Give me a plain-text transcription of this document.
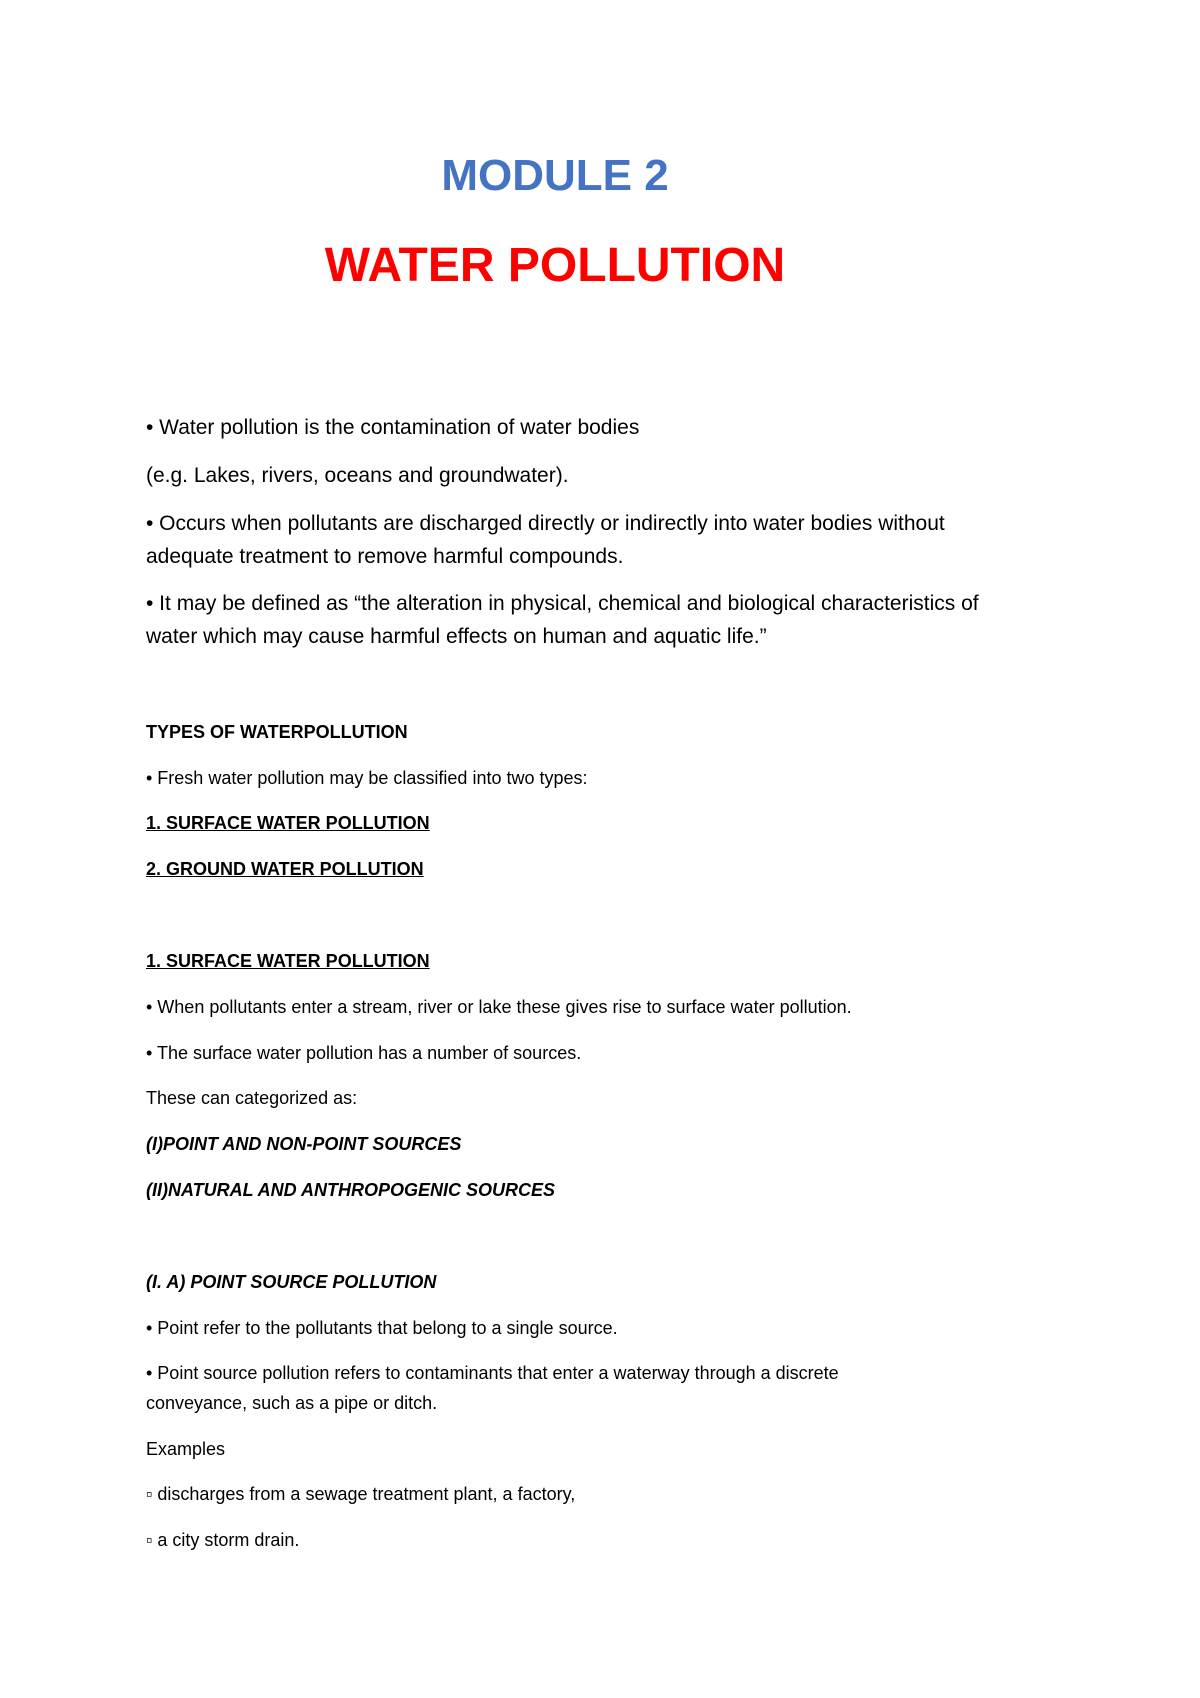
MODULE 2
WATER POLLUTION

• Water pollution is the contamination of water bodies

(e.g. Lakes, rivers, oceans and groundwater).

• Occurs when pollutants are discharged directly or indirectly into water bodies without

adequate treatment to remove harmful compounds.

• It may be defined as “the alteration in physical, chemical and biological characteristics of

water which may cause harmful effects on human and aquatic life.”

TYPES OF WATERPOLLUTION

• Fresh water pollution may be classified into two types:

1. SURFACE WATER POLLUTION

2. GROUND WATER POLLUTION

1. SURFACE WATER POLLUTION

• When pollutants enter a stream, river or lake these gives rise to surface water pollution.

• The surface water pollution has a number of sources.

These can categorized as:

(I)POINT AND NON-POINT SOURCES

(II)NATURAL AND ANTHROPOGENIC SOURCES

(I. A) POINT SOURCE POLLUTION

• Point refer to the pollutants that belong to a single source.

• Point source pollution refers to contaminants that enter a waterway through a discrete

conveyance, such as a pipe or ditch.

Examples

▫ discharges from a sewage treatment plant, a factory,

▫ a city storm drain.
